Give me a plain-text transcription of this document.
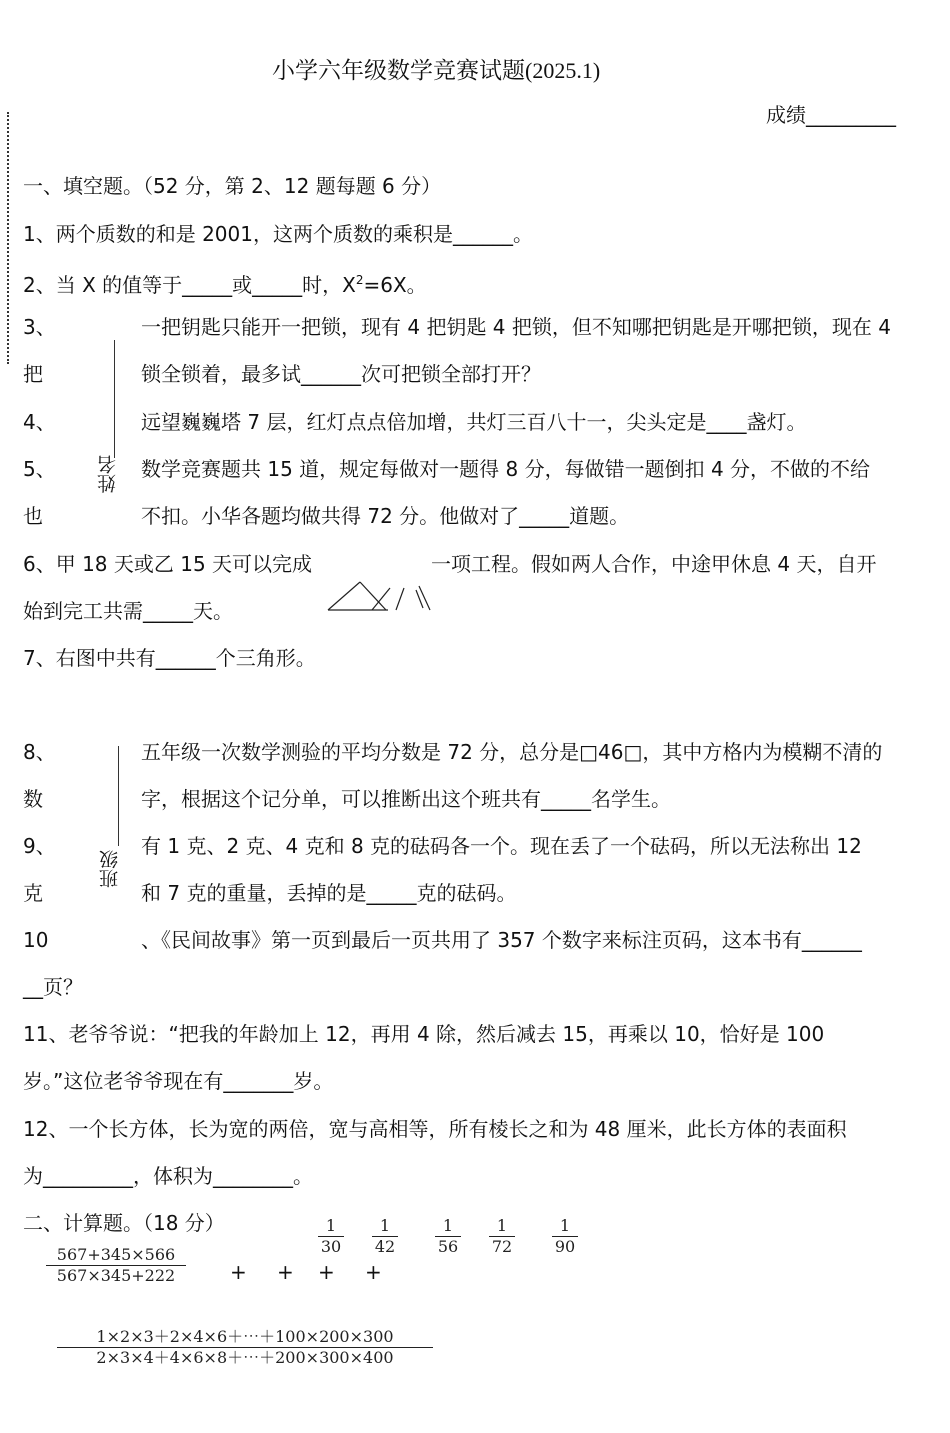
小学六年级数学竞赛试题(2025.1)
成绩_________
姓名
班级
一、填空题。（52 分，第 2、12 题每题 6 分）
1、两个质数的和是 2001，这两个质数的乘积是______。
2、当 X 的值等于_____或_____时，$X^2=6X$。
3、	一把钥匙只能开一把锁，现有 4 把钥匙 4 把锁，但不知哪把钥匙是开哪把锁，现在 4
把	锁全锁着，最多试______次可把锁全部打开？
4、	远望巍巍塔 7 层，红灯点点倍加增，共灯三百八十一，尖头定是____盏灯。
5、	数学竞赛题共 15 道，规定每做对一题得 8 分，每做错一题倒扣 4 分，不做的不给
也	不扣。小华各题均做共得 72 分。他做对了_____道题。
6、甲 18 天或乙 15 天可以完成	一项工程。假如两人合作，中途甲休息 4 天，自开
始到完工共需_____天。
7、右图中共有______个三角形。
8、	五年级一次数学测验的平均分数是 72 分，总分是□46□，其中方格内为模糊不清的
数	字，根据这个记分单，可以推断出这个班共有_____名学生。
9、	有 1 克、2 克、4 克和 8 克的砝码各一个。现在丢了一个砝码，所以无法称出 12
克	和 7 克的重量，丢掉的是_____克的砝码。
10	、《民间故事》第一页到最后一页共用了 357 个数字来标注页码，这本书有______
__页？
11、老爷爷说：“把我的年龄加上 12，再用 4 除，然后减去 15，再乘以 10，恰好是 100
岁。”这位老爷爷现在有_______岁。
12、一个长方体，长为宽的两倍，宽与高相等，所有棱长之和为 48 厘米，此长方体的表面积
为_________，体积为________。
二、计算题。（18 分）
$\frac{567+345\times 566}{567\times 345+222}$
$\frac{1}{30} \frac{1}{42} \frac{1}{56} \frac{1}{72} \frac{1}{90}$
+ + + +
$\frac{1\times 2\times 3+2\times 4\times 6+\cdots+100\times 200\times 300}{2\times 3\times 4+4\times 6\times 8+\cdots+200\times 300\times 400}$
